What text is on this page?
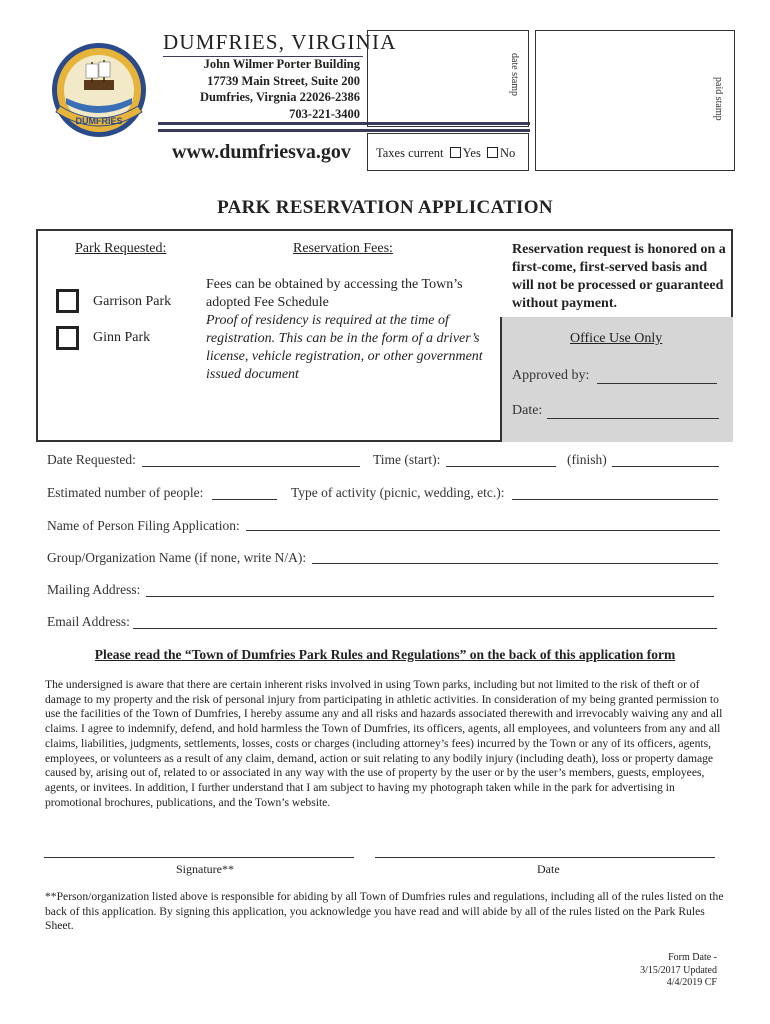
DUMFRIES
DUMFRIES, VIRGINIA
John Wilmer Porter Building
17739 Main Street, Suite 200
Dumfries, Virgnia 22026-2386
703-221-3400
www.dumfriesva.gov
date stamp
Taxes current Yes No
paid stamp
PARK RESERVATION APPLICATION
Park Requested:
Garrison Park
Ginn Park
Reservation Fees:
Fees can be obtained by accessing the Town’s adopted Fee Schedule
Proof of residency is required at the time of registration. This can be in the form of a driver’s license, vehicle registration, or other government issued document
Reservation request is honored on a first-come, first-served basis and will not be processed or guaranteed without payment.
Office Use Only
Approved by:
Date:
Date Requested:	Time (start):	(finish)
Estimated number of people:	Type of activity (picnic, wedding, etc.):
Name of Person Filing Application:
Group/Organization Name (if none, write N/A):
Mailing Address:
Email Address:
Please read the “Town of Dumfries Park Rules and Regulations” on the back of this application form
The undersigned is aware that there are certain inherent risks involved in using Town parks, including but not limited to the risk of theft or of damage to my property and the risk of personal injury from participating in athletic activities. In consideration of my being granted permission to use the facilities of the Town of Dumfries, I hereby assume any and all risks and hazards associated therewith and irrevocably waiving any and all claims. I agree to indemnify, defend, and hold harmless the Town of Dumfries, its officers, agents, all employees, and volunteers from any and all claims, liabilities, judgments, settlements, losses, costs or charges (including attorney’s fees) incurred by the Town or any of its officers, agents, employees, or volunteers as a result of any claim, demand, action or suit relating to any bodily injury (including death), loss or property damage caused by, arising out of, related to or associated in any way with the use of property by the user or by the user’s members, guests, employees, agents, or invitees. In addition, I further understand that I am subject to having my photograph taken while in the park for advertising in promotional brochures, publications, and the Town’s website.
Signature**	Date
**Person/organization listed above is responsible for abiding by all Town of Dumfries rules and regulations, including all of the rules listed on the back of this application. By signing this application, you acknowledge you have read and will abide by all of the rules listed on the Park Rules Sheet.
Form Date -
3/15/2017 Updated
4/4/2019 CF
